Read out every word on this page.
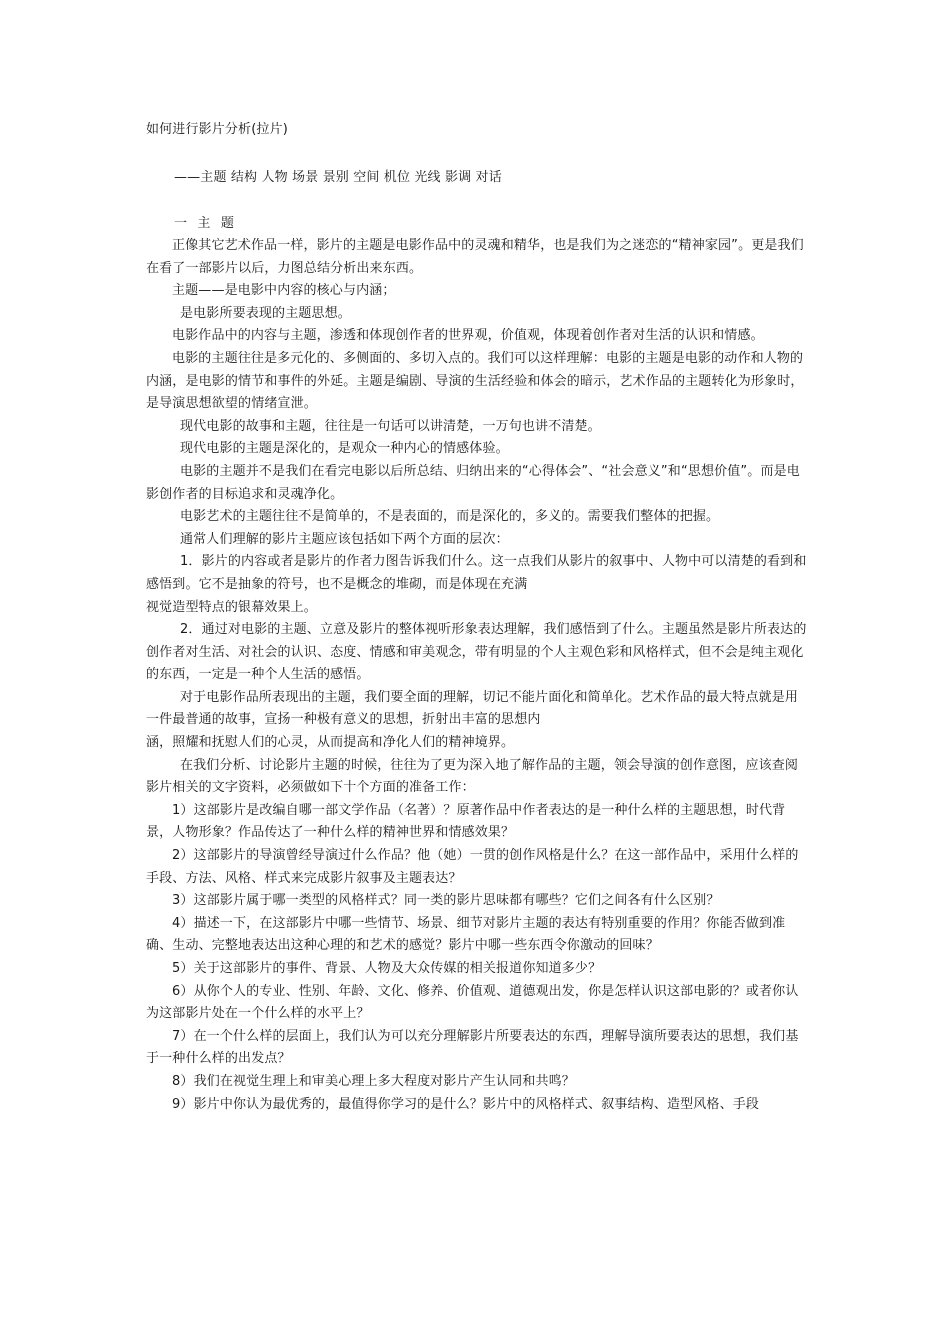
如何进行影片分析(拉片)
——主题 结构 人物 场景 景别 空间 机位 光线 影调 对话
一 主 题

正像其它艺术作品一样，影片的主题是电影作品中的灵魂和精华，也是我们为之迷恋的“精神家园”。更是我们在看了一部影片以后，力图总结分析出来东西。

主题——是电影中内容的核心与内涵；

是电影所要表现的主题思想。

电影作品中的内容与主题，渗透和体现创作者的世界观，价值观，体现着创作者对生活的认识和情感。

电影的主题往往是多元化的、多侧面的、多切入点的。我们可以这样理解：电影的主题是电影的动作和人物的内涵，是电影的情节和事件的外延。主题是编剧、导演的生活经验和体会的暗示，艺术作品的主题转化为形象时，是导演思想欲望的情绪宣泄。

现代电影的故事和主题，往往是一句话可以讲清楚，一万句也讲不清楚。

现代电影的主题是深化的，是观众一种内心的情感体验。

电影的主题并不是我们在看完电影以后所总结、归纳出来的“心得体会”、“社会意义”和“思想价值”。而是电影创作者的目标追求和灵魂净化。

电影艺术的主题往往不是简单的，不是表面的，而是深化的，多义的。需要我们整体的把握。

通常人们理解的影片主题应该包括如下两个方面的层次：

1．影片的内容或者是影片的作者力图告诉我们什么。这一点我们从影片的叙事中、人物中可以清楚的看到和感悟到。它不是抽象的符号，也不是概念的堆砌，而是体现在充满

视觉造型特点的银幕效果上。

2．通过对电影的主题、立意及影片的整体视听形象表达理解，我们感悟到了什么。主题虽然是影片所表达的创作者对生活、对社会的认识、态度、情感和审美观念，带有明显的个人主观色彩和风格样式，但不会是纯主观化的东西，一定是一种个人生活的感悟。

对于电影作品所表现出的主题，我们要全面的理解，切记不能片面化和简单化。艺术作品的最大特点就是用一件最普通的故事，宣扬一种极有意义的思想，折射出丰富的思想内

涵，照耀和抚慰人们的心灵，从而提高和净化人们的精神境界。

在我们分析、讨论影片主题的时候，往往为了更为深入地了解作品的主题，领会导演的创作意图，应该查阅影片相关的文字资料，必须做如下十个方面的准备工作：

1）这部影片是改编自哪一部文学作品（名著）？原著作品中作者表达的是一种什么样的主题思想，时代背景，人物形象？作品传达了一种什么样的精神世界和情感效果？

2）这部影片的导演曾经导演过什么作品？他（她）一贯的创作风格是什么？在这一部作品中，采用什么样的手段、方法、风格、样式来完成影片叙事及主题表达？

3）这部影片属于哪一类型的风格样式？同一类的影片思味都有哪些？它们之间各有什么区别？

4）描述一下，在这部影片中哪一些情节、场景、细节对影片主题的表达有特别重要的作用？你能否做到准确、生动、完整地表达出这种心理的和艺术的感觉？影片中哪一些东西令你激动的回味？

5）关于这部影片的事件、背景、人物及大众传媒的相关报道你知道多少？

6）从你个人的专业、性别、年龄、文化、修养、价值观、道德观出发，你是怎样认识这部电影的？或者你认为这部影片处在一个什么样的水平上？

7）在一个什么样的层面上，我们认为可以充分理解影片所要表达的东西，理解导演所要表达的思想，我们基于一种什么样的出发点？

8）我们在视觉生理上和审美心理上多大程度对影片产生认同和共鸣？

9）影片中你认为最优秀的，最值得你学习的是什么？影片中的风格样式、叙事结构、造型风格、手段
